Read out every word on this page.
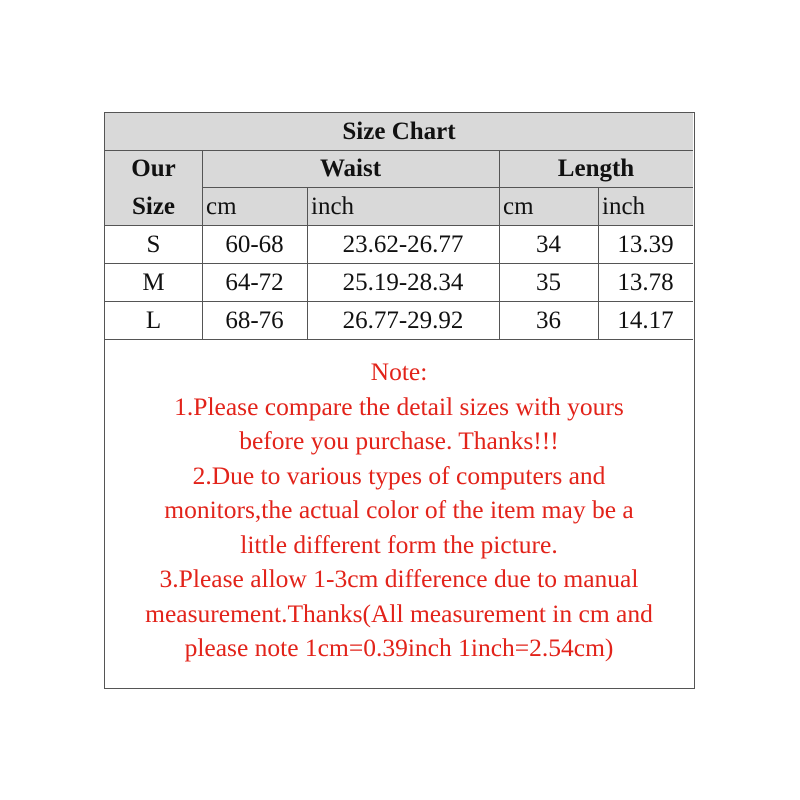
Size Chart
Our
Size
Waist	Length
cm	inch	cm	inch
S	60-68	23.62-26.77	34	13.39
M	64-72	25.19-28.34	35	13.78
L	68-76	26.77-29.92	36	14.17
Note:
1.Please compare the detail sizes with yours
before you purchase. Thanks!!!
2.Due to various types of computers and
monitors,the actual color of the item may be a
little different form the picture.
3.Please allow 1-3cm difference due to manual
measurement.Thanks(All measurement in cm and
please note 1cm=0.39inch 1inch=2.54cm)
